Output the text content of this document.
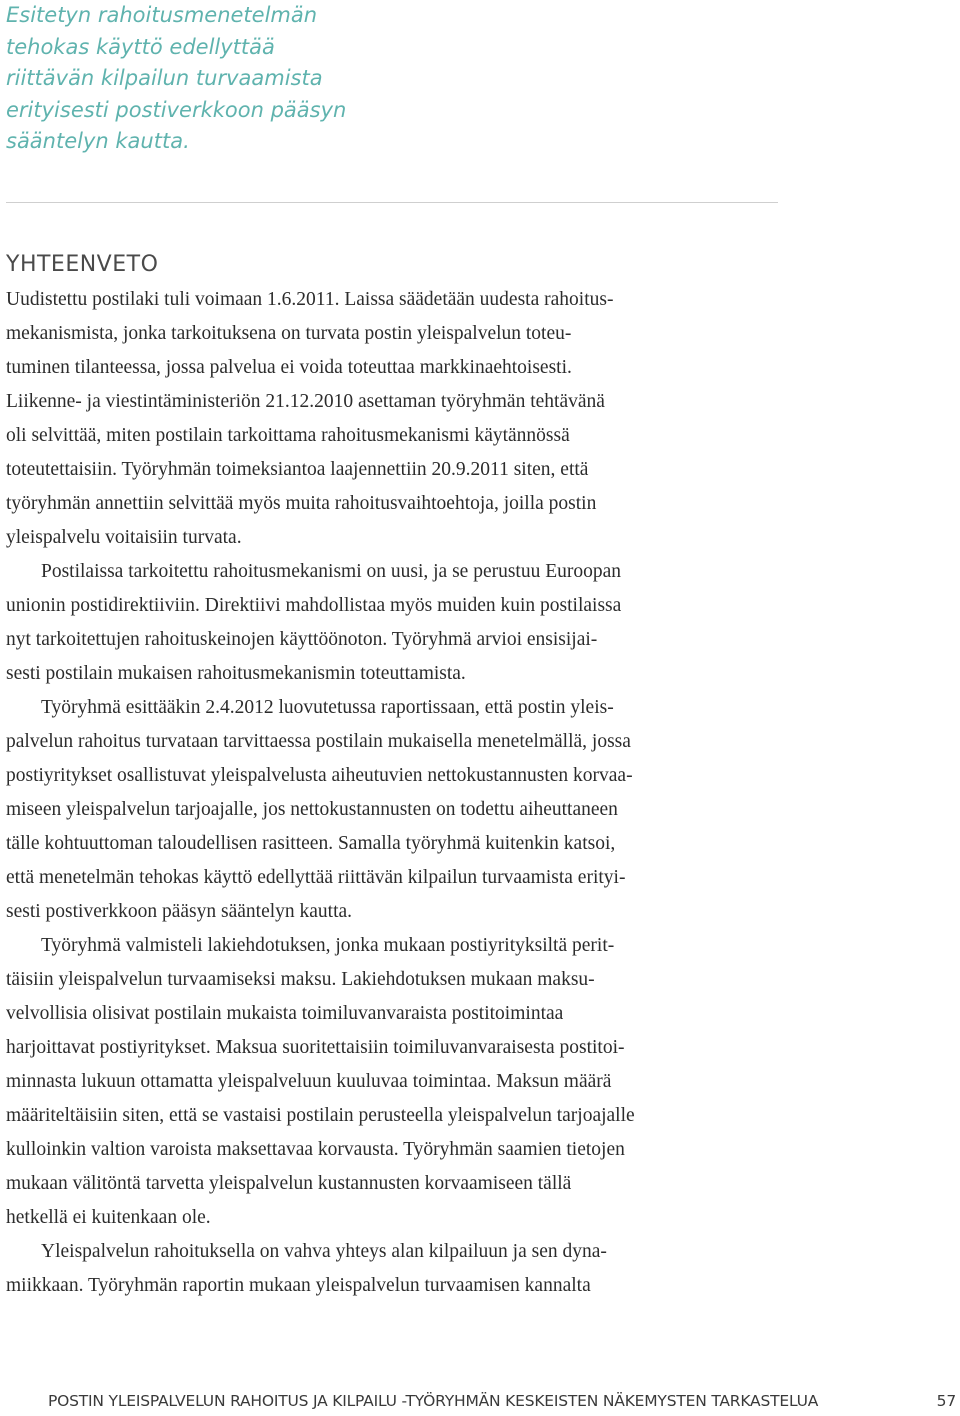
Esitetyn rahoitusmenetelmän
tehokas käyttö edellyttää
riittävän kilpailun turvaamista
erityisesti postiverkkoon pääsyn
sääntelyn kautta.
YHTEENVETO
Uudistettu postilaki tuli voimaan 1.6.2011. Laissa säädetään uudesta rahoitus-
mekanismista, jonka tarkoituksena on turvata postin yleispalvelun toteu-
tuminen tilanteessa, jossa palvelua ei voida toteuttaa markkinaehtoisesti.
Liikenne- ja viestintäministeriön 21.12.2010 asettaman työryhmän tehtävänä
oli selvittää, miten postilain tarkoittama rahoitusmekanismi käytännössä
toteutettaisiin. Työryhmän toimeksiantoa laajennettiin 20.9.2011 siten, että
työryhmän annettiin selvittää myös muita rahoitusvaihtoehtoja, joilla postin
yleispalvelu voitaisiin turvata.
Postilaissa tarkoitettu rahoitusmekanismi on uusi, ja se perustuu Euroopan
unionin postidirektiiviin. Direktiivi mahdollistaa myös muiden kuin postilaissa
nyt tarkoitettujen rahoituskeinojen käyttöönoton. Työryhmä arvioi ensisijai-
sesti postilain mukaisen rahoitusmekanismin toteuttamista.
Työryhmä esittääkin 2.4.2012 luovutetussa raportissaan, että postin yleis-
palvelun rahoitus turvataan tarvittaessa postilain mukaisella menetelmällä, jossa
postiyritykset osallistuvat yleispalvelusta aiheutuvien nettokustannusten korvaa-
miseen yleispalvelun tarjoajalle, jos nettokustannusten on todettu aiheuttaneen
tälle kohtuuttoman taloudellisen rasitteen. Samalla työryhmä kuitenkin katsoi,
että menetelmän tehokas käyttö edellyttää riittävän kilpailun turvaamista erityi-
sesti postiverkkoon pääsyn sääntelyn kautta.
Työryhmä valmisteli lakiehdotuksen, jonka mukaan postiyrityksiltä perit-
täisiin yleispalvelun turvaamiseksi maksu. Lakiehdotuksen mukaan maksu-
velvollisia olisivat postilain mukaista toimiluvanvaraista postitoimintaa
harjoittavat postiyritykset. Maksua suoritettaisiin toimiluvanvaraisesta postitoi-
minnasta lukuun ottamatta yleispalveluun kuuluvaa toimintaa. Maksun määrä
määriteltäisiin siten, että se vastaisi postilain perusteella yleispalvelun tarjoajalle
kulloinkin valtion varoista maksettavaa korvausta. Työryhmän saamien tietojen
mukaan välitöntä tarvetta yleispalvelun kustannusten korvaamiseen tällä
hetkellä ei kuitenkaan ole.
Yleispalvelun rahoituksella on vahva yhteys alan kilpailuun ja sen dyna-
miikkaan. Työryhmän raportin mukaan yleispalvelun turvaamisen kannalta
POSTIN YLEISPALVELUN RAHOITUS JA KILPAILU -TYÖRYHMÄN KESKEISTEN NÄKEMYSTEN TARKASTELUA	57
